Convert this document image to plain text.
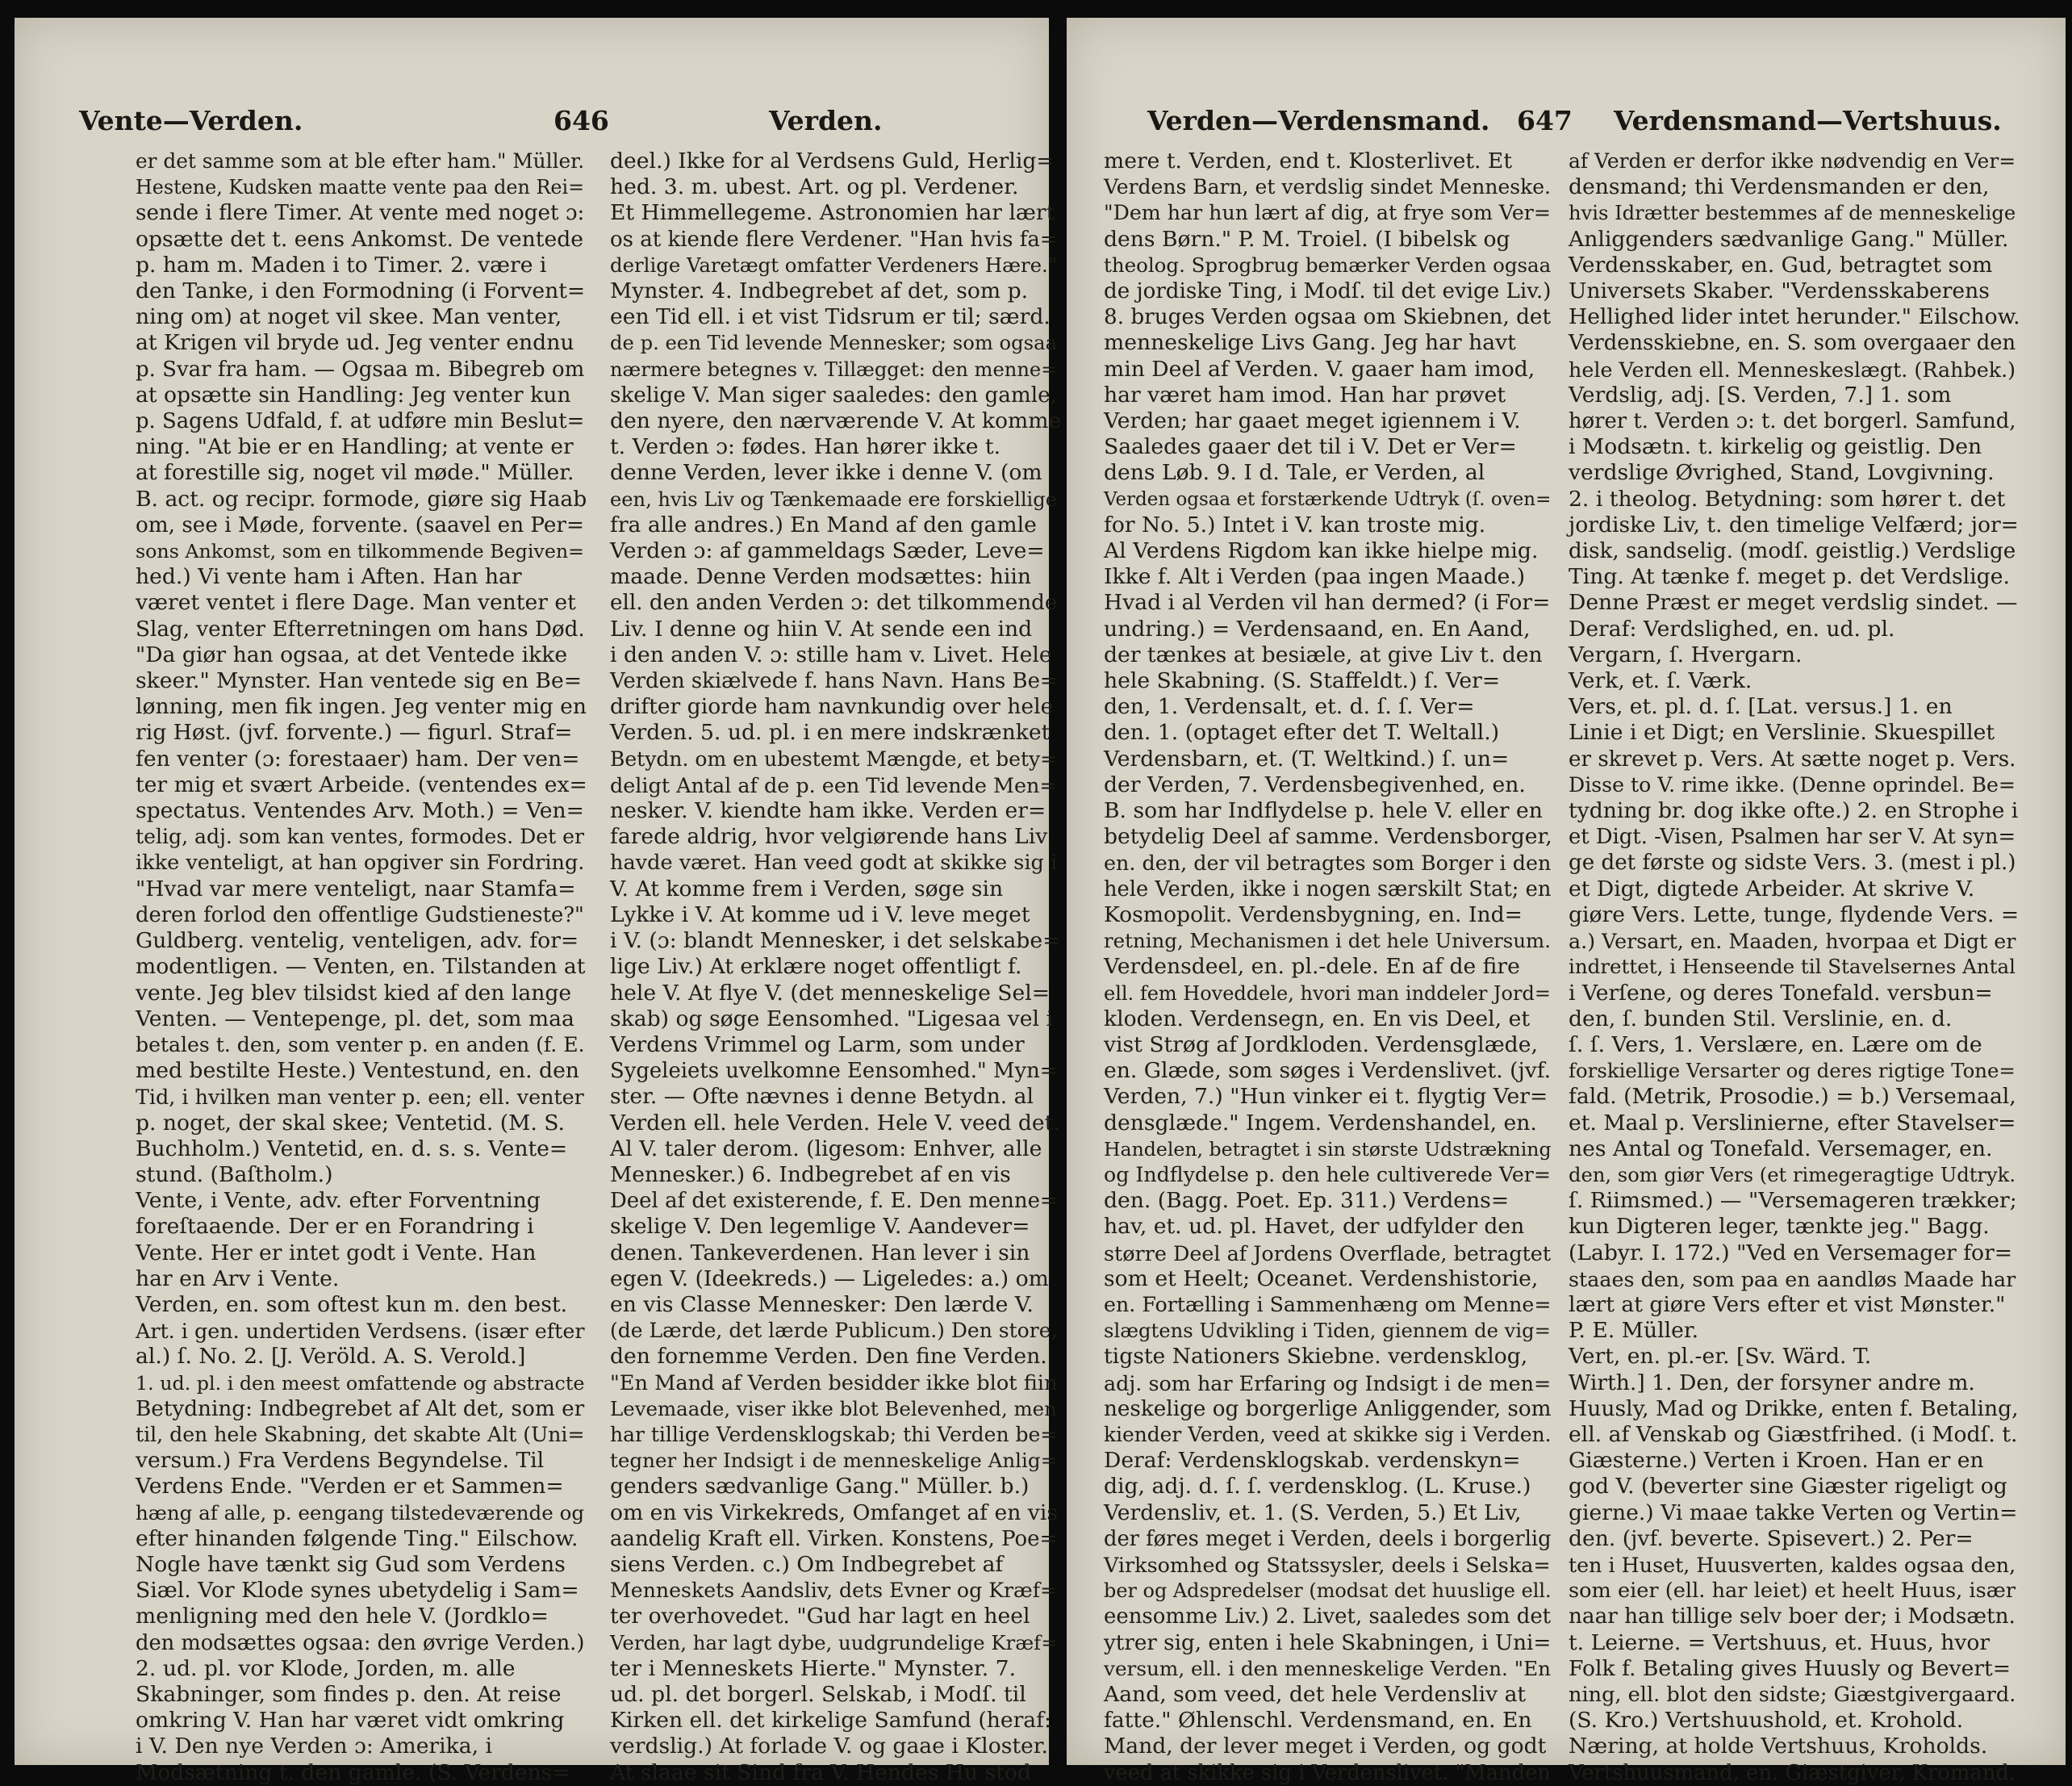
Vente—Verden.	646	Verden.
er det samme som at ble efter ham." Müller.
Hestene, Kudsken maatte vente paa den Rei=
sende i flere Timer. At vente med noget ɔ:
opsætte det t. eens Ankomst. De ventede
p. ham m. Maden i to Timer. 2. være i
den Tanke, i den Formodning (i Forvent=
ning om) at noget vil skee. Man venter,
at Krigen vil bryde ud. Jeg venter endnu
p. Svar fra ham. — Ogsaa m. Bibegreb om
at opsætte sin Handling: Jeg venter kun
p. Sagens Udfald, f. at udføre min Beslut=
ning. "At bie er en Handling; at vente er
at forestille sig, noget vil møde." Müller.
B. act. og recipr. formode, giøre sig Haab
om, see i Møde, forvente. (saavel en Per=
sons Ankomst, som en tilkommende Begiven=
hed.) Vi vente ham i Aften. Han har
været ventet i flere Dage. Man venter et
Slag, venter Efterretningen om hans Død.
"Da giør han ogsaa, at det Ventede ikke
skeer." Mynster. Han ventede sig en Be=
lønning, men fik ingen. Jeg venter mig en
rig Høst. (jvf. forvente.) — figurl. Straf=
fen venter (ɔ: forestaaer) ham. Der ven=
ter mig et svært Arbeide. (ventendes ex=
spectatus. Ventendes Arv. Moth.) = Ven=
telig, adj. som kan ventes, formodes. Det er
ikke venteligt, at han opgiver sin Fordring.
"Hvad var mere venteligt, naar Stamfa=
deren forlod den offentlige Gudstieneste?"
Guldberg. ventelig, venteligen, adv. for=
modentligen. — Venten, en. Tilstanden at
vente. Jeg blev tilsidst kied af den lange
Venten. — Ventepenge, pl. det, som maa
betales t. den, som venter p. en anden (f. E.
med bestilte Heste.) Ventestund, en. den
Tid, i hvilken man venter p. een; ell. venter
p. noget, der skal skee; Ventetid. (M. S.
Buchholm.) Ventetid, en. d. s. s. Vente=
stund. (Baſtholm.)
Vente, i Vente, adv. efter Forventning
foreſtaaende. Der er en Forandring i
Vente. Her er intet godt i Vente. Han
har en Arv i Vente.
Verden, en. som oftest kun m. den best.
Art. i gen. undertiden Verdsens. (især efter
al.) ſ. No. 2. [J. Veröld. A. S. Verold.]
1. ud. pl. i den meest omfattende og abstracte
Betydning: Indbegrebet af Alt det, som er
til, den hele Skabning, det skabte Alt (Uni=
versum.) Fra Verdens Begyndelse. Til
Verdens Ende. "Verden er et Sammen=
hæng af alle, p. eengang tilstedeværende og
efter hinanden følgende Ting." Eilschow.
Nogle have tænkt sig Gud som Verdens
Siæl. Vor Klode synes ubetydelig i Sam=
menligning med den hele V. (Jordklo=
den modsættes ogsaa: den øvrige Verden.)
2. ud. pl. vor Klode, Jorden, m. alle
Skabninger, som findes p. den. At reise
omkring V. Han har været vidt omkring
i V. Den nye Verden ɔ: Amerika, i
Modsætning t. den gamle. (S. Verdens=
deel.) Ikke for al Verdsens Guld, Herlig=
hed. 3. m. ubest. Art. og pl. Verdener.
Et Himmellegeme. Astronomien har lært
os at kiende flere Verdener. "Han hvis fa=
derlige Varetægt omfatter Verdeners Hære."
Mynster. 4. Indbegrebet af det, som p.
een Tid ell. i et vist Tidsrum er til; særd.
de p. een Tid levende Mennesker; som ogsaa
nærmere betegnes v. Tillægget: den menne=
skelige V. Man siger saaledes: den gamle,
den nyere, den nærværende V. At komme
t. Verden ɔ: fødes. Han hører ikke t.
denne Verden, lever ikke i denne V. (om
een, hvis Liv og Tænkemaade ere forskiellige
fra alle andres.) En Mand af den gamle
Verden ɔ: af gammeldags Sæder, Leve=
maade. Denne Verden modsættes: hiin
ell. den anden Verden ɔ: det tilkommende
Liv. I denne og hiin V. At sende een ind
i den anden V. ɔ: stille ham v. Livet. Hele
Verden skiælvede f. hans Navn. Hans Be=
drifter giorde ham navnkundig over hele
Verden. 5. ud. pl. i en mere indskrænket
Betydn. om en ubestemt Mængde, et bety=
deligt Antal af de p. een Tid levende Men=
nesker. V. kiendte ham ikke. Verden er=
farede aldrig, hvor velgiørende hans Liv
havde været. Han veed godt at skikke sig i
V. At komme frem i Verden, søge sin
Lykke i V. At komme ud i V. leve meget
i V. (ɔ: blandt Mennesker, i det selskabe=
lige Liv.) At erklære noget offentligt f.
hele V. At flye V. (det menneskelige Sel=
skab) og søge Eensomhed. "Ligesaa vel i
Verdens Vrimmel og Larm, som under
Sygeleiets uvelkomne Eensomhed." Myn=
ster. — Ofte nævnes i denne Betydn. al
Verden ell. hele Verden. Hele V. veed det.
Al V. taler derom. (ligesom: Enhver, alle
Mennesker.) 6. Indbegrebet af en vis
Deel af det existerende, f. E. Den menne=
skelige V. Den legemlige V. Aandever=
denen. Tankeverdenen. Han lever i sin
egen V. (Ideekreds.) — Ligeledes: a.) om
en vis Classe Mennesker: Den lærde V.
(de Lærde, det lærde Publicum.) Den store,
den fornemme Verden. Den fine Verden.
"En Mand af Verden besidder ikke blot fiin
Levemaade, viser ikke blot Belevenhed, men
har tillige Verdensklogskab; thi Verden be=
tegner her Indsigt i de menneskelige Anlig=
genders sædvanlige Gang." Müller. b.)
om en vis Virkekreds, Omfanget af en vis
aandelig Kraft ell. Virken. Konstens, Poe=
siens Verden. c.) Om Indbegrebet af
Menneskets Aandsliv, dets Evner og Kræf=
ter overhovedet. "Gud har lagt en heel
Verden, har lagt dybe, uudgrundelige Kræf=
ter i Menneskets Hierte." Mynster. 7.
ud. pl. det borgerl. Selskab, i Modſ. til
Kirken ell. det kirkelige Samfund (heraf:
verdslig.) At forlade V. og gaae i Kloster.
At slaae sit Sind fra V. Hendes Hu stod
Verden—Verdensmand. 647 Verdensmand—Vertshuus.
mere t. Verden, end t. Klosterlivet. Et
Verdens Barn, et verdslig sindet Menneske.
"Dem har hun lært af dig, at frye som Ver=
dens Børn." P. M. Troiel. (I bibelsk og
theolog. Sprogbrug bemærker Verden ogsaa
de jordiske Ting, i Modſ. til det evige Liv.)
8. bruges Verden ogsaa om Skiebnen, det
menneskelige Livs Gang. Jeg har havt
min Deel af Verden. V. gaaer ham imod,
har været ham imod. Han har prøvet
Verden; har gaaet meget igiennem i V.
Saaledes gaaer det til i V. Det er Ver=
dens Løb. 9. I d. Tale, er Verden, al
Verden ogsaa et forstærkende Udtryk (ſ. oven=
for No. 5.) Intet i V. kan troste mig.
Al Verdens Rigdom kan ikke hielpe mig.
Ikke f. Alt i Verden (paa ingen Maade.)
Hvad i al Verden vil han dermed? (i For=
undring.) = Verdensaand, en. En Aand,
der tænkes at besiæle, at give Liv t. den
hele Skabning. (S. Staffeldt.) ſ. Ver=
den, 1. Verdensalt, et. d. ſ. ſ. Ver=
den. 1. (optaget efter det T. Weltall.)
Verdensbarn, et. (T. Weltkind.) ſ. un=
der Verden, 7. Verdensbegivenhed, en.
B. som har Indflydelse p. hele V. eller en
betydelig Deel af samme. Verdensborger,
en. den, der vil betragtes som Borger i den
hele Verden, ikke i nogen særskilt Stat; en
Kosmopolit. Verdensbygning, en. Ind=
retning, Mechanismen i det hele Universum.
Verdensdeel, en. pl.-dele. En af de fire
ell. fem Hoveddele, hvori man inddeler Jord=
kloden. Verdensegn, en. En vis Deel, et
vist Strøg af Jordkloden. Verdensglæde,
en. Glæde, som søges i Verdenslivet. (jvf.
Verden, 7.) "Hun vinker ei t. flygtig Ver=
densglæde." Ingem. Verdenshandel, en.
Handelen, betragtet i sin største Udstrækning
og Indflydelse p. den hele cultiverede Ver=
den. (Bagg. Poet. Ep. 311.) Verdens=
hav, et. ud. pl. Havet, der udfylder den
større Deel af Jordens Overflade, betragtet
som et Heelt; Oceanet. Verdenshistorie,
en. Fortælling i Sammenhæng om Menne=
slægtens Udvikling i Tiden, giennem de vig=
tigste Nationers Skiebne. verdensklog,
adj. som har Erfaring og Indsigt i de men=
neskelige og borgerlige Anliggender, som
kiender Verden, veed at skikke sig i Verden.
Deraf: Verdensklogskab. verdenskyn=
dig, adj. d. ſ. ſ. verdensklog. (L. Kruse.)
Verdensliv, et. 1. (S. Verden, 5.) Et Liv,
der føres meget i Verden, deels i borgerlig
Virksomhed og Statssysler, deels i Selska=
ber og Adspredelser (modsat det huuslige ell.
eensomme Liv.) 2. Livet, saaledes som det
ytrer sig, enten i hele Skabningen, i Uni=
versum, ell. i den menneskelige Verden. "En
Aand, som veed, det hele Verdensliv at
fatte." Øhlenschl. Verdensmand, en. En
Mand, der lever meget i Verden, og godt
veed at skikke sig i Verdenslivet. "Manden
af Verden er derfor ikke nødvendig en Ver=
densmand; thi Verdensmanden er den,
hvis Idrætter bestemmes af de menneskelige
Anliggenders sædvanlige Gang." Müller.
Verdensskaber, en. Gud, betragtet som
Universets Skaber. "Verdensskaberens
Hellighed lider intet herunder." Eilschow.
Verdensskiebne, en. S. som overgaaer den
hele Verden ell. Menneskeslægt. (Rahbek.)
Verdslig, adj. [S. Verden, 7.] 1. som
hører t. Verden ɔ: t. det borgerl. Samfund,
i Modsætn. t. kirkelig og geistlig. Den
verdslige Øvrighed, Stand, Lovgivning.
2. i theolog. Betydning: som hører t. det
jordiske Liv, t. den timelige Velfærd; jor=
disk, sandselig. (modſ. geistlig.) Verdslige
Ting. At tænke f. meget p. det Verdslige.
Denne Præst er meget verdslig sindet. —
Deraf: Verdslighed, en. ud. pl.
Vergarn, ſ. Hvergarn.
Verk, et. ſ. Værk.
Vers, et. pl. d. ſ. [Lat. versus.] 1. en
Linie i et Digt; en Verslinie. Skuespillet
er skrevet p. Vers. At sætte noget p. Vers.
Disse to V. rime ikke. (Denne oprindel. Be=
tydning br. dog ikke ofte.) 2. en Strophe i
et Digt. -Visen, Psalmen har ser V. At syn=
ge det første og sidste Vers. 3. (mest i pl.)
et Digt, digtede Arbeider. At skrive V.
giøre Vers. Lette, tunge, flydende Vers. =
a.) Versart, en. Maaden, hvorpaa et Digt er
indrettet, i Henseende til Stavelsernes Antal
i Verſene, og deres Tonefald. versbun=
den, ſ. bunden Stil. Verslinie, en. d.
ſ. ſ. Vers, 1. Verslære, en. Lære om de
forskiellige Versarter og deres rigtige Tone=
fald. (Metrik, Prosodie.) = b.) Versemaal,
et. Maal p. Verslinierne, efter Stavelser=
nes Antal og Tonefald. Versemager, en.
den, som giør Vers (et rimegeragtige Udtryk.
ſ. Riimsmed.) — "Versemageren trækker;
kun Digteren leger, tænkte jeg." Bagg.
(Labyr. I. 172.) "Ved en Versemager for=
staaes den, som paa en aandløs Maade har
lært at giøre Vers efter et vist Mønster."
P. E. Müller.
Vert, en. pl.-er. [Sv. Wärd. T.
Wirth.] 1. Den, der forsyner andre m.
Huusly, Mad og Drikke, enten f. Betaling,
ell. af Venskab og Giæstfrihed. (i Modſ. t.
Giæsterne.) Verten i Kroen. Han er en
god V. (beverter sine Giæster rigeligt og
gierne.) Vi maae takke Verten og Vertin=
den. (jvf. beverte. Spisevert.) 2. Per=
ten i Huset, Huusverten, kaldes ogsaa den,
som eier (ell. har leiet) et heelt Huus, især
naar han tillige selv boer der; i Modsætn.
t. Leierne. = Vertshuus, et. Huus, hvor
Folk f. Betaling gives Huusly og Bevert=
ning, ell. blot den sidste; Giæstgivergaard.
(S. Kro.) Vertshuushold, et. Krohold.
Næring, at holde Vertshuus, Kroholds.
Vertshuusmand, en. Giæstgiver, Kromand.
